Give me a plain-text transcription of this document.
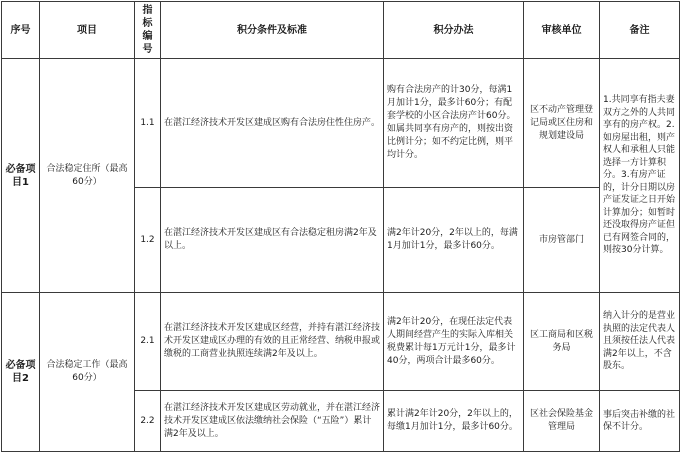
序号	项目	指标编号	积分条件及标准	积分办法	审核单位	备注
必备项目1	合法稳定住所（最高60分）	1.1	在湛江经济技术开发区建成区购有合法房住性住房产。	购有合法房产的计30分，每满1月加计1分，最多计60分；有配套学校的小区合法房产计60分。如属共同享有房产的，则按出资比例计分；如不约定比例，则平均计分。	区不动产管理登记局或区住房和规划建设局	1.共同享有指夫妻双方之外的人共同享有的房产权。2.如房屋出租，则产权人和承租人只能选择一方计算积分。3.有房产证的，计分日期以房产证发证之日开始计算加分；如暂时还没取得房产证但已有网签合同的，则按30分计算。
		1.2	在湛江经济技术开发区建成区有合法稳定租房满2年及以上。	满2年计20分，2年以上的，每满1月加计1分，最多计60分。	市房管部门	
必备项目2	合法稳定工作（最高60分）	2.1	在湛江经济技术开发区建成区经营，并持有湛江经济技术开发区建成区办理的有效的且正常经营、纳税申报或缴税的工商营业执照连续满2年及以上。	满2年计20分，在现任法定代表人期间经营产生的实际入库相关税费累计每1万元计1分，最多计40分，两项合计最多60分。	区工商局和区税务局	纳入计分的是营业执照的法定代表人且须按任法人代表满2年以上，不含股东。
		2.2	在湛江经济技术开发区建成区劳动就业，并在湛江经济技术开发区建成区依法缴纳社会保险（“五险”）累计满2年及以上。	累计满2年计20分，2年以上的，每缴1月加计1分，最多计60分。	区社会保险基金管理局	事后突击补缴的社保不计分。
